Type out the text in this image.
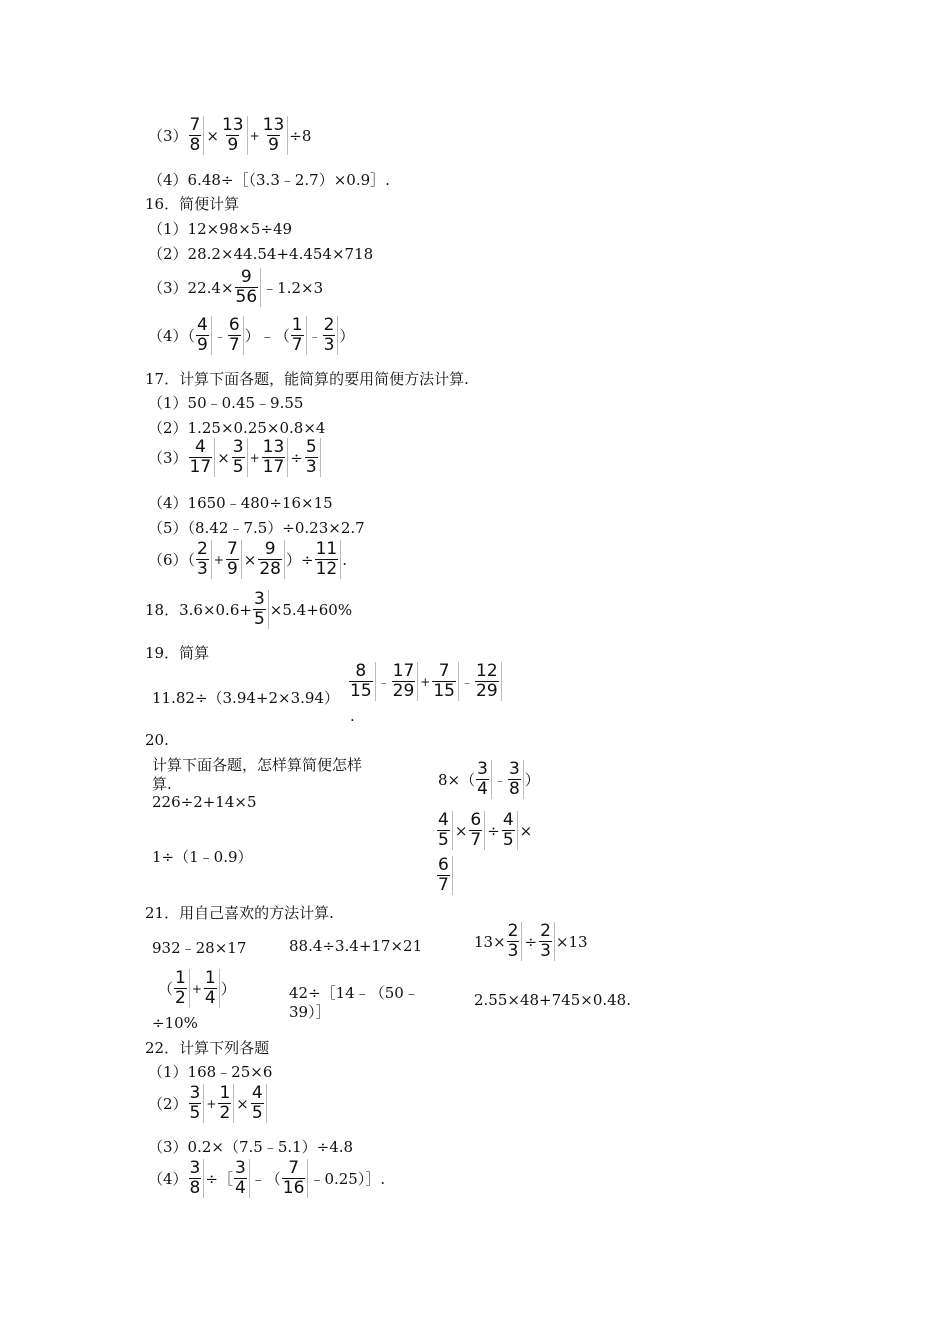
$(3) \frac{7}{8} \times \frac{13}{9} + \frac{13}{9} \div 8$
（4）6.48÷［（3.3﹣2.7）×0.9］.
16．简便计算
（1）12×98×5÷49
（2）28.2×44.54+4.454×718
$(3)22.4\times \frac{9}{56}$ ﹣1.2×3
（4）（
4
9 ﹣
6
7 ）﹣（
1
7 ﹣
2
3 ）
17．计算下面各题，能简算的要用简便方法计算.
（1）50﹣0.45﹣9.55
（2）1.25×0.25×0.8×4
$(3) \frac{4}{17} \times \frac{3}{5} + \frac{13}{17} \div \frac{5}{3}$
（4）1650﹣480÷16×15
（5）（8.42﹣7.5）÷0.23×2.7
（6）（
2
$3 + \frac{7}{9} \times \frac{9}{28}$ ）÷ $\frac{11}{12}$ .
18．$3.6\times 0.6+ \frac{3}{5} \times 5.4+60\%$
19．简算
11.82÷（3.94+2×3.94）
8
15 ﹣
17
$29 + \frac{7}{15}$ ﹣
12
29
.
20.
计算下面各题，怎样算简便怎样
算.
226÷2+14×5
8×（
3
4 ﹣
3
8 ）
1÷（1﹣0.9）
$\frac{4}{5} \times \frac{6}{7} \div \frac{4}{5}$ ×
6
7
21．用自己喜欢的方法计算.
932﹣28×17	88.4÷3.4+17×21	$13\times \frac{2}{3} \div \frac{2}{3} \times 13$
（
1
$2 + \frac{1}{4}$ ）
÷10%
42÷［14﹣（50﹣
39）］
2.55×48+745×0.48.
22．计算下列各题
（1）168﹣25×6
（2）
3
$5 + \frac{1}{2} \times \frac{4}{5}$
（3）0.2×（7.5﹣5.1）÷4.8
$(4) \frac{3}{8}$ ÷［
3
4 ﹣（
7
16 ﹣0.25）］.
